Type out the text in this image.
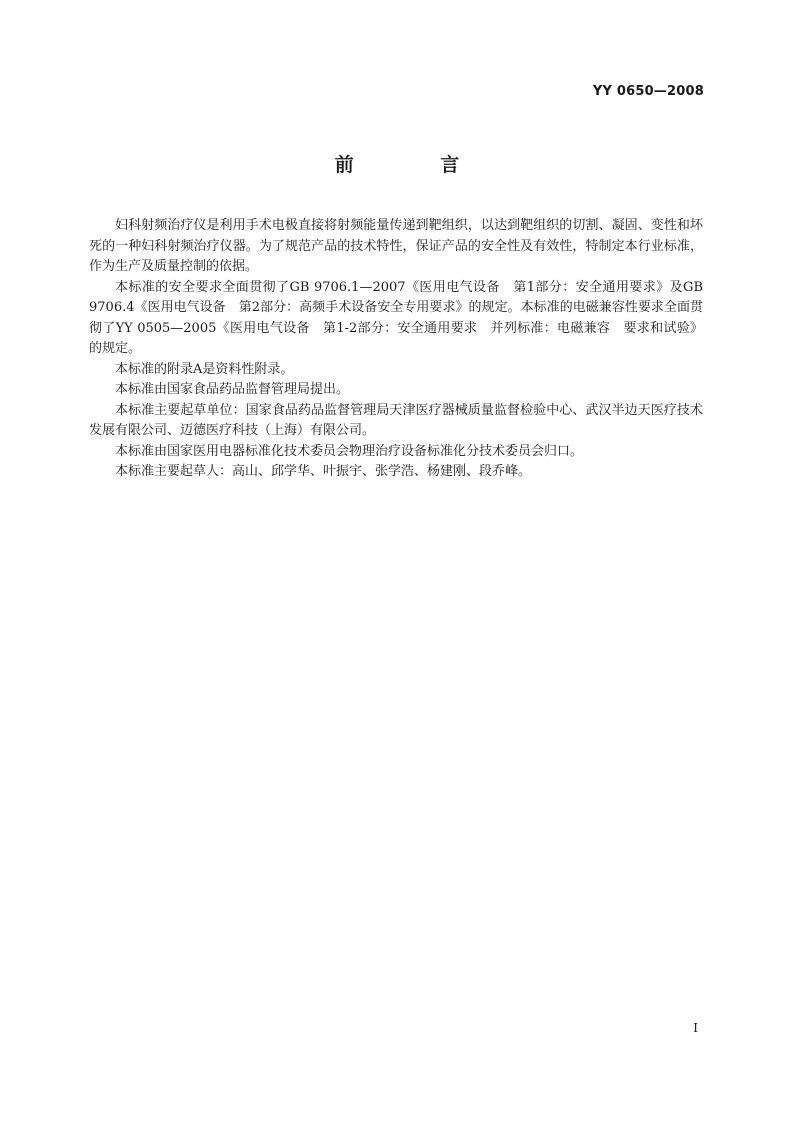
YY 0650—2008
前 言

妇科射频治疗仪是利用手术电极直接将射频能量传递到靶组织，以达到靶组织的切割、凝固、变性和坏死的一种妇科射频治疗仪器。为了规范产品的技术特性，保证产品的安全性及有效性，特制定本行业标准，作为生产及质量控制的依据。

本标准的安全要求全面贯彻了GB 9706.1—2007《医用电气设备　第1部分：安全通用要求》及GB 9706.4《医用电气设备　第2部分：高频手术设备安全专用要求》的规定。本标准的电磁兼容性要求全面贯彻了YY 0505—2005《医用电气设备　第1-2部分：安全通用要求　并列标准：电磁兼容　要求和试验》的规定。

本标准的附录A是资料性附录。

本标准由国家食品药品监督管理局提出。

本标准主要起草单位：国家食品药品监督管理局天津医疗器械质量监督检验中心、武汉半边天医疗技术发展有限公司、迈德医疗科技（上海）有限公司。

本标准由国家医用电器标准化技术委员会物理治疗设备标准化分技术委员会归口。

本标准主要起草人：高山、邱学华、叶振宇、张学浩、杨建刚、段乔峰。

I
